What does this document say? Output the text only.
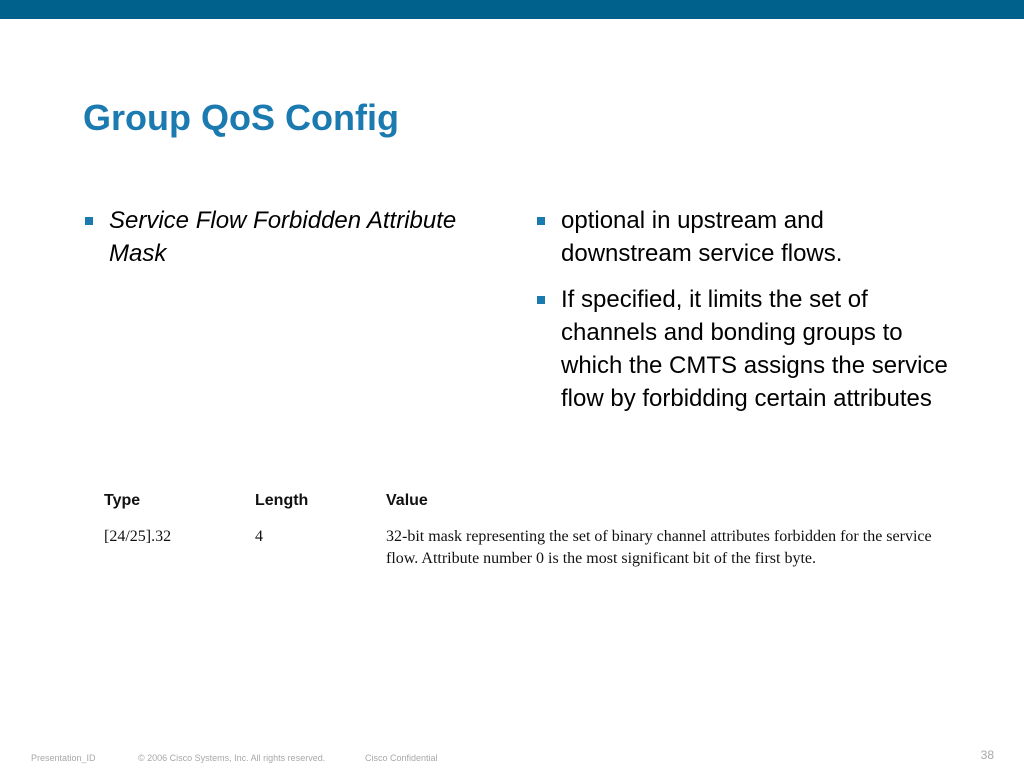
Group QoS Config
Service Flow Forbidden Attribute Mask
optional in upstream and downstream service flows.
If specified, it limits the set of channels and bonding groups to which the CMTS assigns the service flow by forbidding certain attributes
Type	Length	Value
[24/25].32	4	32-bit mask representing the set of binary channel attributes forbidden for the service flow. Attribute number 0 is the most significant bit of the first byte.
Presentation_ID	© 2006 Cisco Systems, Inc. All rights reserved.	Cisco Confidential	38
